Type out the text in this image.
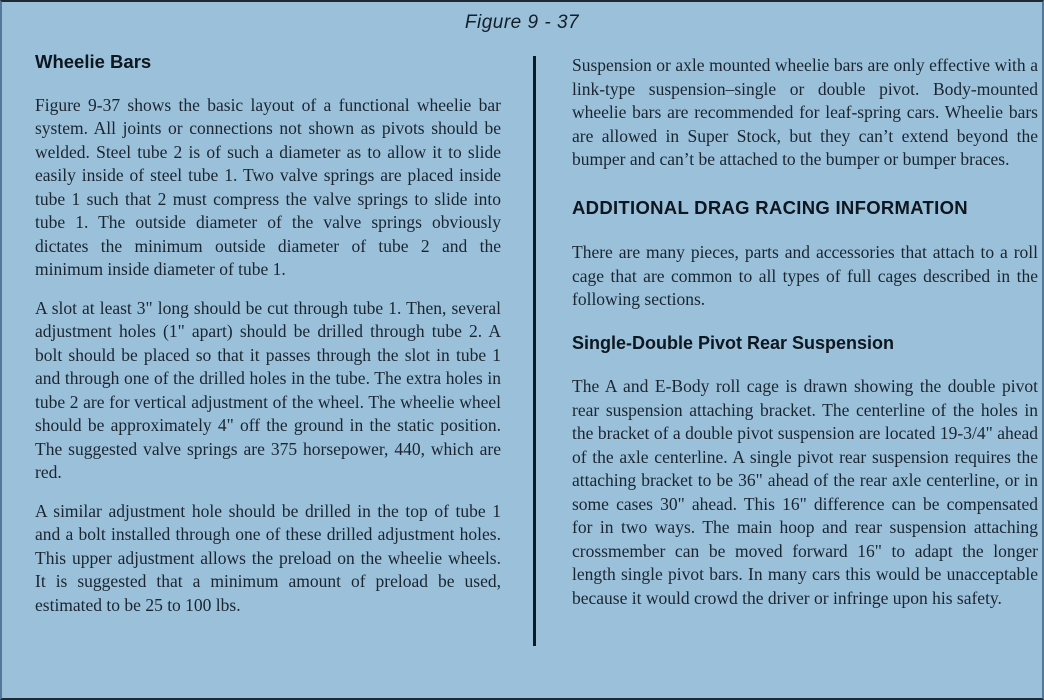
Figure 9 - 37
Wheelie Bars

Figure 9-37 shows the basic layout of a functional wheelie bar system. All joints or connections not shown as pivots should be welded. Steel tube 2 is of such a diameter as to allow it to slide easily inside of steel tube 1. Two valve springs are placed inside tube 1 such that 2 must compress the valve springs to slide into tube 1. The outside diameter of the valve springs obviously dictates the minimum outside diameter of tube 2 and the minimum inside diameter of tube 1.

A slot at least 3" long should be cut through tube 1. Then, several adjustment holes (1" apart) should be drilled through tube 2. A bolt should be placed so that it passes through the slot in tube 1 and through one of the drilled holes in the tube. The extra holes in tube 2 are for vertical adjustment of the wheel. The wheelie wheel should be approximately 4" off the ground in the static position. The suggested valve springs are 375 horsepower, 440, which are red.

A similar adjustment hole should be drilled in the top of tube 1 and a bolt installed through one of these drilled adjustment holes. This upper adjustment allows the preload on the wheelie wheels. It is suggested that a minimum amount of preload be used, estimated to be 25 to 100 lbs.

Suspension or axle mounted wheelie bars are only effective with a link-type suspension–single or double pivot. Body-mounted wheelie bars are recommended for leaf-spring cars. Wheelie bars are allowed in Super Stock, but they can’t extend beyond the bumper and can’t be attached to the bumper or bumper braces.

ADDITIONAL DRAG RACING INFORMATION

There are many pieces, parts and accessories that attach to a roll cage that are common to all types of full cages described in the following sections.

Single-Double Pivot Rear Suspension

The A and E-Body roll cage is drawn showing the double pivot rear suspension attaching bracket. The centerline of the holes in the bracket of a double pivot suspension are located 19-3/4" ahead of the axle centerline. A single pivot rear suspension requires the attaching bracket to be 36" ahead of the rear axle centerline, or in some cases 30" ahead. This 16" difference can be compensated for in two ways. The main hoop and rear suspension attaching crossmember can be moved forward 16" to adapt the longer length single pivot bars. In many cars this would be unacceptable because it would crowd the driver or infringe upon his safety.
